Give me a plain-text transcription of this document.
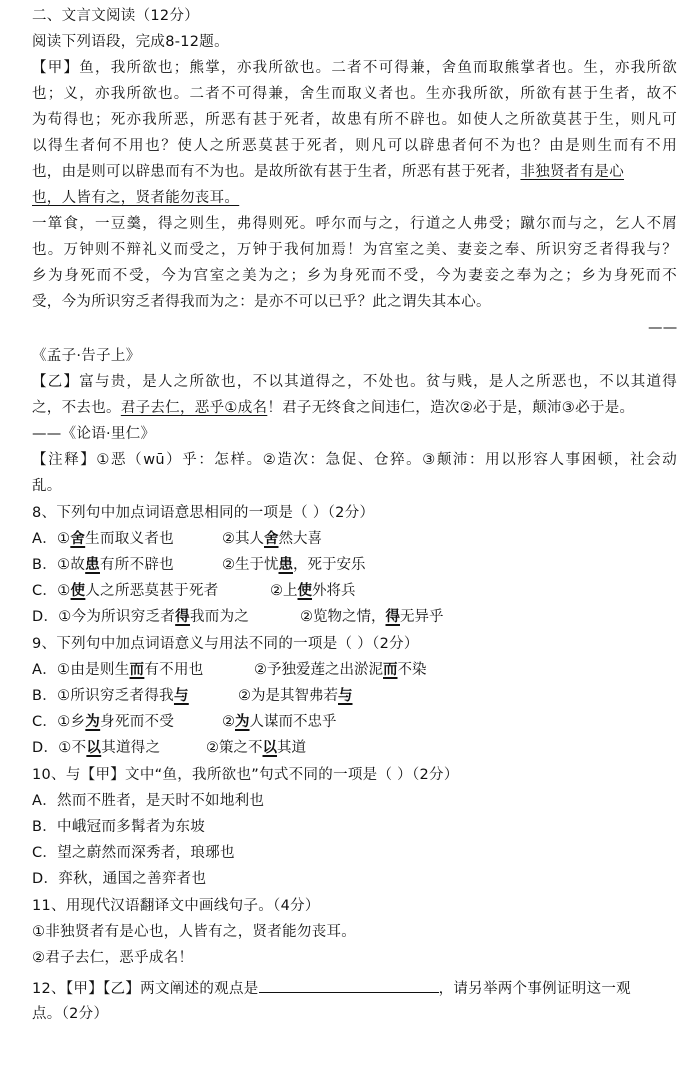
二、文言文阅读（12分）
阅读下列语段，完成8-12题。
【甲】鱼，我所欲也；熊掌，亦我所欲也。二者不可得兼，舍鱼而取熊掌者也。生，亦我所欲
也；义，亦我所欲也。二者不可得兼，舍生而取义者也。生亦我所欲，所欲有甚于生者，故不
为苟得也；死亦我所恶，所恶有甚于死者，故患有所不辟也。如使人之所欲莫甚于生，则凡可
以得生者何不用也？使人之所恶莫甚于死者，则凡可以辟患者何不为也？由是则生而有不用
也，由是则可以辟患而有不为也。是故所欲有甚于生者，所恶有甚于死者，非独贤者有是心
也，人皆有之，贤者能勿丧耳。
一箪食，一豆羹，得之则生，弗得则死。呼尔而与之，行道之人弗受；蹴尔而与之，乞人不屑
也。万钟则不辩礼义而受之，万钟于我何加焉！为宫室之美、妻妾之奉、所识穷乏者得我与？
乡为身死而不受，今为宫室之美为之；乡为身死而不受，今为妻妾之奉为之；乡为身死而不
受，今为所识穷乏者得我而为之：是亦不可以已乎？此之谓失其本心。
——
《孟子·告子上》
【乙】富与贵，是人之所欲也，不以其道得之，不处也。贫与贱，是人之所恶也，不以其道得
之，不去也。君子去仁，恶乎①成名！君子无终食之间违仁，造次②必于是，颠沛③必于是。
——《论语·里仁》
【注释】①恶（wū）乎：怎样。②造次：急促、仓猝。③颠沛：用以形容人事困顿，社会动
乱。
8、下列句中加点词语意思相同的一项是（ ）（2分）
A．①舍生而取义者也	②其人舍然大喜
B．①故患有所不辟也	②生于忧患，死于安乐
C．①使人之所恶莫甚于死者	②上使外将兵
D．①今为所识穷乏者得我而为之	②览物之情，得无异乎
9、下列句中加点词语意义与用法不同的一项是（ ）（2分）
A．①由是则生而有不用也	②予独爱莲之出淤泥而不染
B．①所识穷乏者得我与	②为是其智弗若与
C．①乡为身死而不受	②为人谋而不忠乎
D．①不以其道得之	②策之不以其道
10、与【甲】文中“鱼，我所欲也”句式不同的一项是（ ）（2分）
A．然而不胜者，是天时不如地利也
B．中峨冠而多髯者为东坡
C．望之蔚然而深秀者，琅琊也
D．弈秋，通国之善弈者也
11、用现代汉语翻译文中画线句子。（4分）
①非独贤者有是心也，人皆有之，贤者能勿丧耳。
②君子去仁，恶乎成名！
12、【甲】【乙】两文阐述的观点是	，请另举两个事例证明这一观
点。（2分）
